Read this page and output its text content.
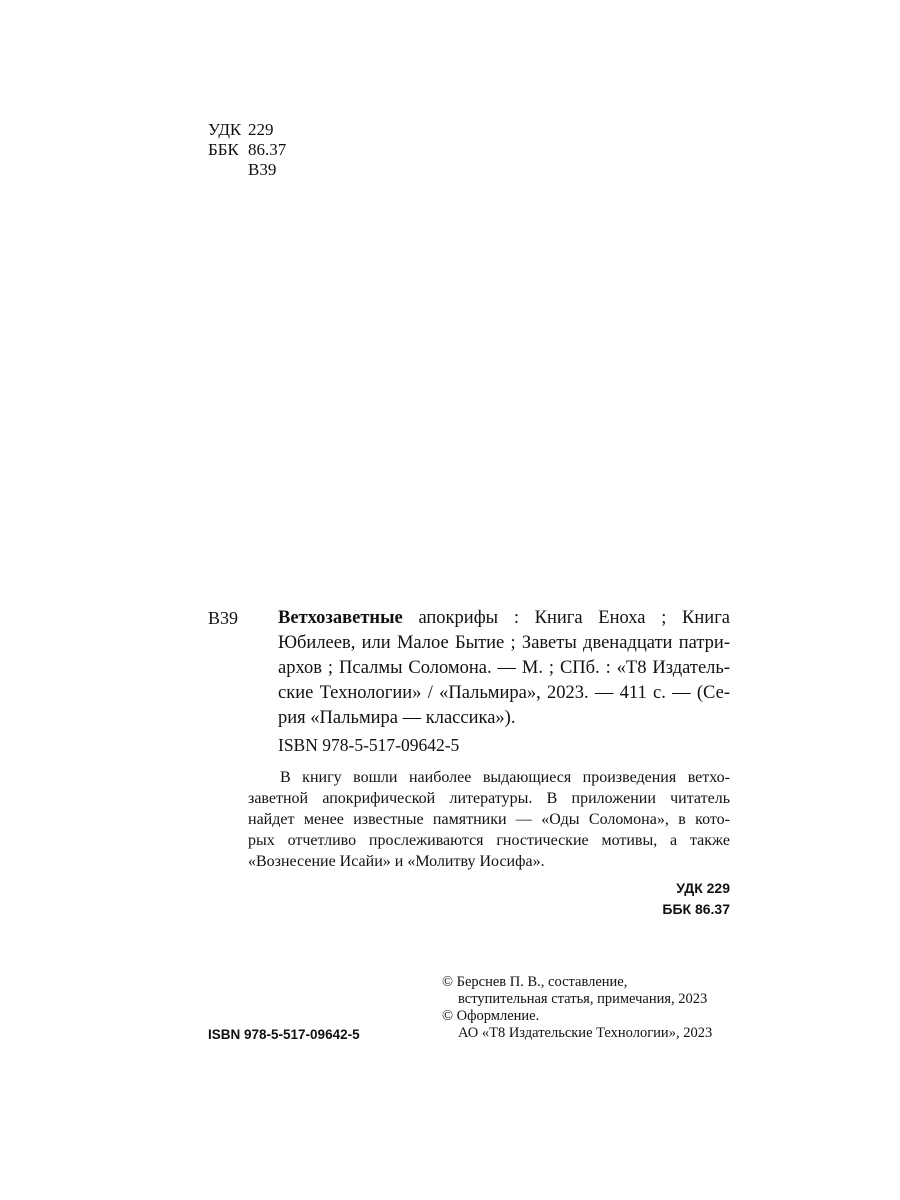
УДК 229
ББК 86.37
В39
В39 Ветхозаветные апокрифы : Книга Еноха ; Книга
Юбилеев, или Малое Бытие ; Заветы двенадцати патри-
архов ; Псалмы Соломона. — М. ; СПб. : «Т8 Издатель-
ские Технологии» / «Пальмира», 2023. — 411 с. — (Се-
рия «Пальмира — классика»).
ISBN 978-5-517-09642-5
В книгу вошли наиболее выдающиеся произведения ветхо-
заветной апокрифической литературы. В приложении читатель
найдет менее известные памятники — «Оды Соломона», в кото-
рых отчетливо прослеживаются гностические мотивы, а также
«Вознесение Исайи» и «Молитву Иосифа».
УДК 229
ББК 86.37
© Берснев П. В., составление,
вступительная статья, примечания, 2023
© Оформление.
АО «Т8 Издательские Технологии», 2023
ISBN 978-5-517-09642-5
